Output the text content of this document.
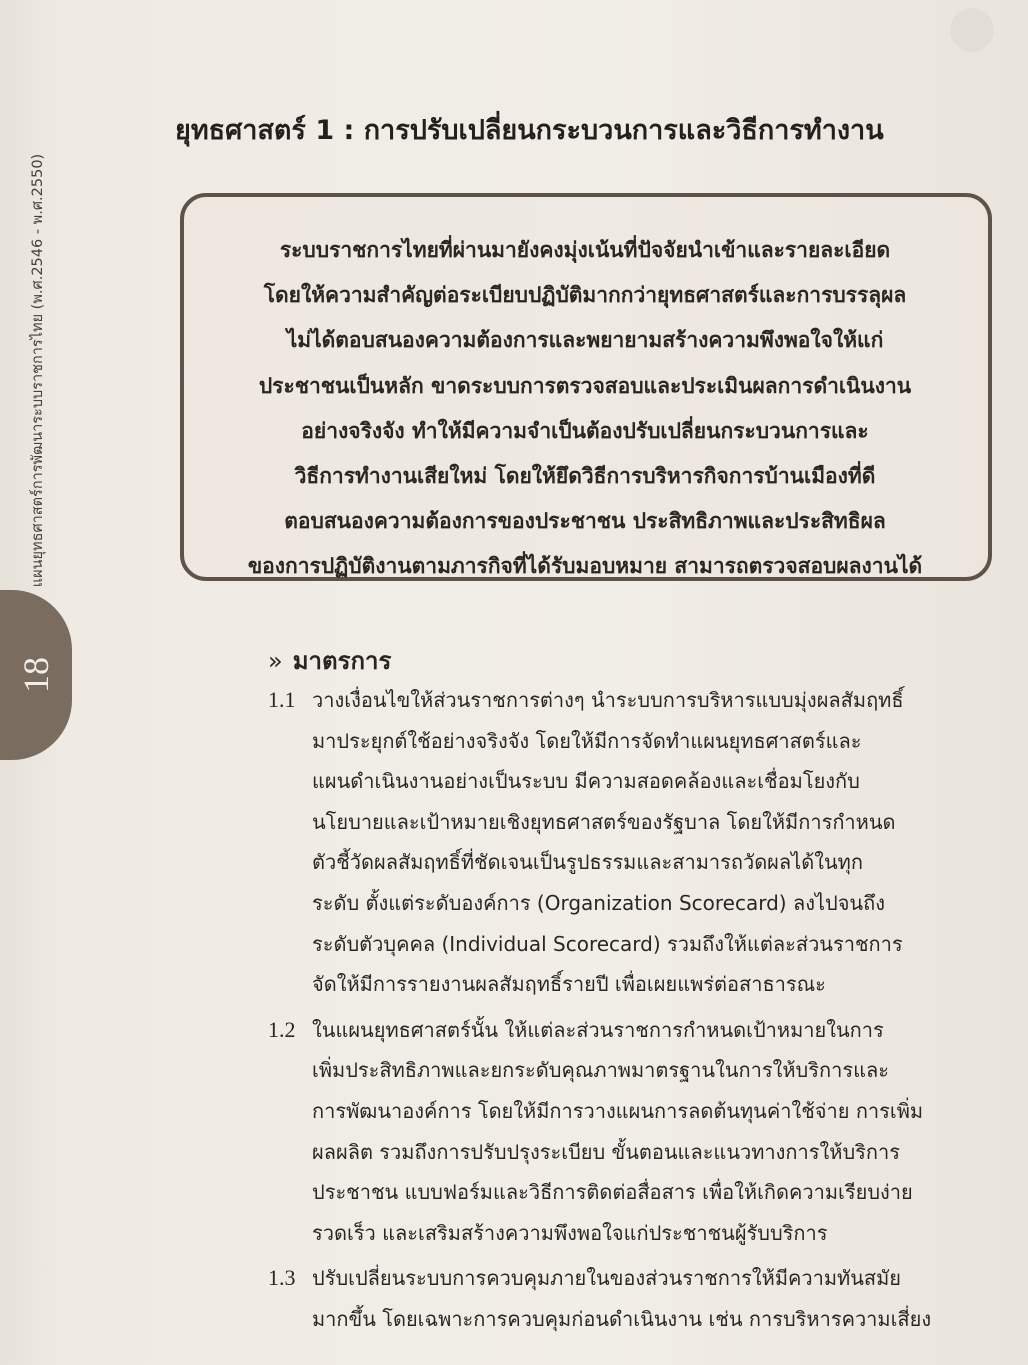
18
แผนยุทธศาสตร์การพัฒนาระบบราชการไทย (พ.ศ.2546 - พ.ศ.2550)
ยุทธศาสตร์ 1 : การปรับเปลี่ยนกระบวนการและวิธีการทำงาน
ระบบราชการไทยที่ผ่านมายังคงมุ่งเน้นที่ปัจจัยนำเข้าและรายละเอียด
โดยให้ความสำคัญต่อระเบียบปฏิบัติมากกว่ายุทธศาสตร์และการบรรลุผล
ไม่ได้ตอบสนองความต้องการและพยายามสร้างความพึงพอใจให้แก่
ประชาชนเป็นหลัก ขาดระบบการตรวจสอบและประเมินผลการดำเนินงาน
อย่างจริงจัง ทำให้มีความจำเป็นต้องปรับเปลี่ยนกระบวนการและ
วิธีการทำงานเสียใหม่ โดยให้ยึดวิธีการบริหารกิจการบ้านเมืองที่ดี
ตอบสนองความต้องการของประชาชน ประสิทธิภาพและประสิทธิผล
ของการปฏิบัติงานตามภารกิจที่ได้รับมอบหมาย สามารถตรวจสอบผลงานได้
» มาตรการ
1.1 วางเงื่อนไขให้ส่วนราชการต่างๆ นำระบบการบริหารแบบมุ่งผลสัมฤทธิ์
มาประยุกต์ใช้อย่างจริงจัง โดยให้มีการจัดทำแผนยุทธศาสตร์และ
แผนดำเนินงานอย่างเป็นระบบ มีความสอดคล้องและเชื่อมโยงกับ
นโยบายและเป้าหมายเชิงยุทธศาสตร์ของรัฐบาล โดยให้มีการกำหนด
ตัวชี้วัดผลสัมฤทธิ์ที่ชัดเจนเป็นรูปธรรมและสามารถวัดผลได้ในทุก
ระดับ ตั้งแต่ระดับองค์การ (Organization Scorecard) ลงไปจนถึง
ระดับตัวบุคคล (Individual Scorecard) รวมถึงให้แต่ละส่วนราชการ
จัดให้มีการรายงานผลสัมฤทธิ์รายปี เพื่อเผยแพร่ต่อสาธารณะ
1.2 ในแผนยุทธศาสตร์นั้น ให้แต่ละส่วนราชการกำหนดเป้าหมายในการ
เพิ่มประสิทธิภาพและยกระดับคุณภาพมาตรฐานในการให้บริการและ
การพัฒนาองค์การ โดยให้มีการวางแผนการลดต้นทุนค่าใช้จ่าย การเพิ่ม
ผลผลิต รวมถึงการปรับปรุงระเบียบ ขั้นตอนและแนวทางการให้บริการ
ประชาชน แบบฟอร์มและวิธีการติดต่อสื่อสาร เพื่อให้เกิดความเรียบง่าย
รวดเร็ว และเสริมสร้างความพึงพอใจแก่ประชาชนผู้รับบริการ
1.3 ปรับเปลี่ยนระบบการควบคุมภายในของส่วนราชการให้มีความทันสมัย
มากขึ้น โดยเฉพาะการควบคุมก่อนดำเนินงาน เช่น การบริหารความเสี่ยง
